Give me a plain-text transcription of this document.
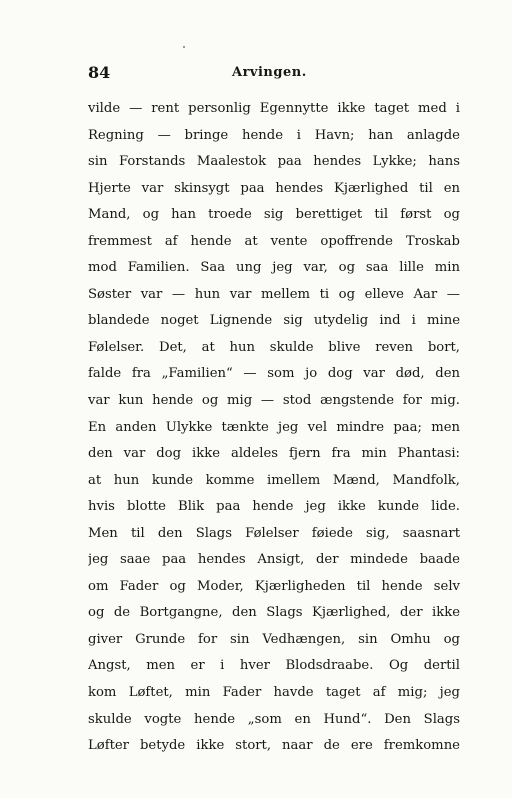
84	Arvingen.
vilde — rent personlig Egennytte ikke taget med i
Regning — bringe hende i Havn; han anlagde
sin Forstands Maalestok paa hendes Lykke; hans
Hjerte var skinsygt paa hendes Kjærlighed til en
Mand, og han troede sig berettiget til først og
fremmest af hende at vente opoffrende Troskab
mod Familien. Saa ung jeg var, og saa lille min
Søster var — hun var mellem ti og elleve Aar —
blandede noget Lignende sig utydelig ind i mine
Følelser. Det, at hun skulde blive reven bort,
falde fra „Familien“ — som jo dog var død, den
var kun hende og mig — stod ængstende for mig.
En anden Ulykke tænkte jeg vel mindre paa; men
den var dog ikke aldeles fjern fra min Phantasi:
at hun kunde komme imellem Mænd, Mandfolk,
hvis blotte Blik paa hende jeg ikke kunde lide.
Men til den Slags Følelser føiede sig, saasnart
jeg saae paa hendes Ansigt, der mindede baade
om Fader og Moder, Kjærligheden til hende selv
og de Bortgangne, den Slags Kjærlighed, der ikke
giver Grunde for sin Vedhængen, sin Omhu og
Angst, men er i hver Blodsdraabe. Og dertil
kom Løftet, min Fader havde taget af mig; jeg
skulde vogte hende „som en Hund“. Den Slags
Løfter betyde ikke stort, naar de ere fremkomne
